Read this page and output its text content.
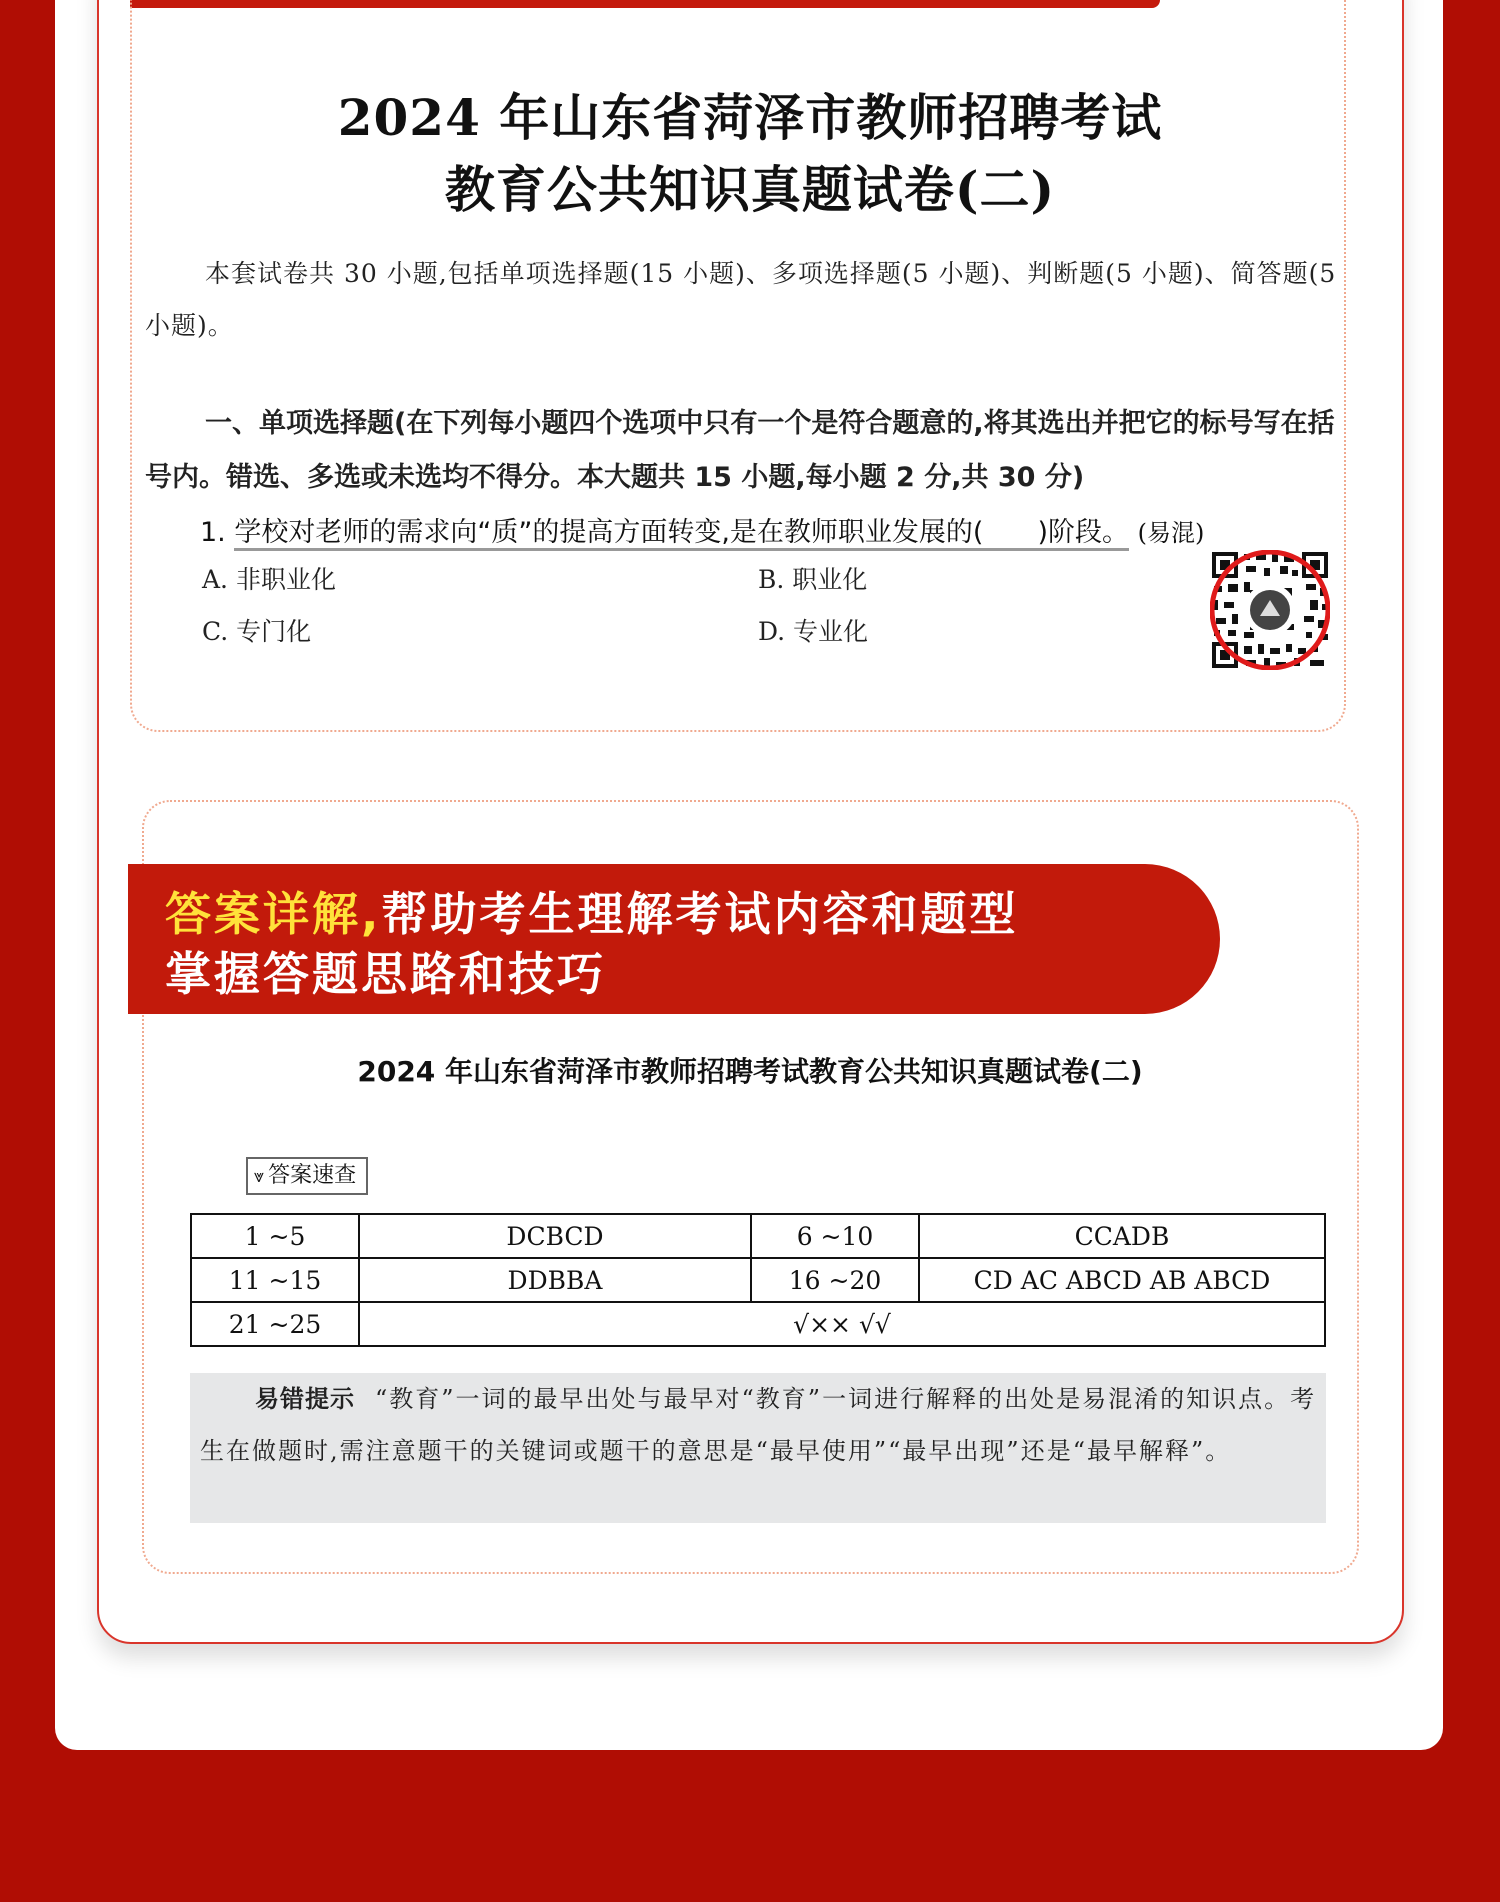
2024 年山东省菏泽市教师招聘考试
教育公共知识真题试卷(二)
本套试卷共 30 小题,包括单项选择题(15 小题)、多项选择题(5 小题)、判断题(5 小题)、简答题(5 小题)。
一、单项选择题(在下列每小题四个选项中只有一个是符合题意的,将其选出并把它的标号写在括号内。错选、多选或未选均不得分。本大题共 15 小题,每小题 2 分,共 30 分)
1. 学校对老师的需求向“质”的提高方面转变,是在教师职业发展的(　　)阶段。 (易混)
A. 非职业化	B. 职业化
C. 专门化	D. 专业化
答案详解,帮助考生理解考试内容和题型
掌握答题思路和技巧
2024 年山东省菏泽市教师招聘考试教育公共知识真题试卷(二)
⩔ 答案速查
1 ~5	DCBCD	6 ~10	CCADB
11 ~15	DDBBA	16 ~20	CD AC ABCD AB ABCD
21 ~25	√×× √√		
易错提示 “教育”一词的最早出处与最早对“教育”一词进行解释的出处是易混淆的知识点。考生在做题时,需注意题干的关键词或题干的意思是“最早使用”“最早出现”还是“最早解释”。
